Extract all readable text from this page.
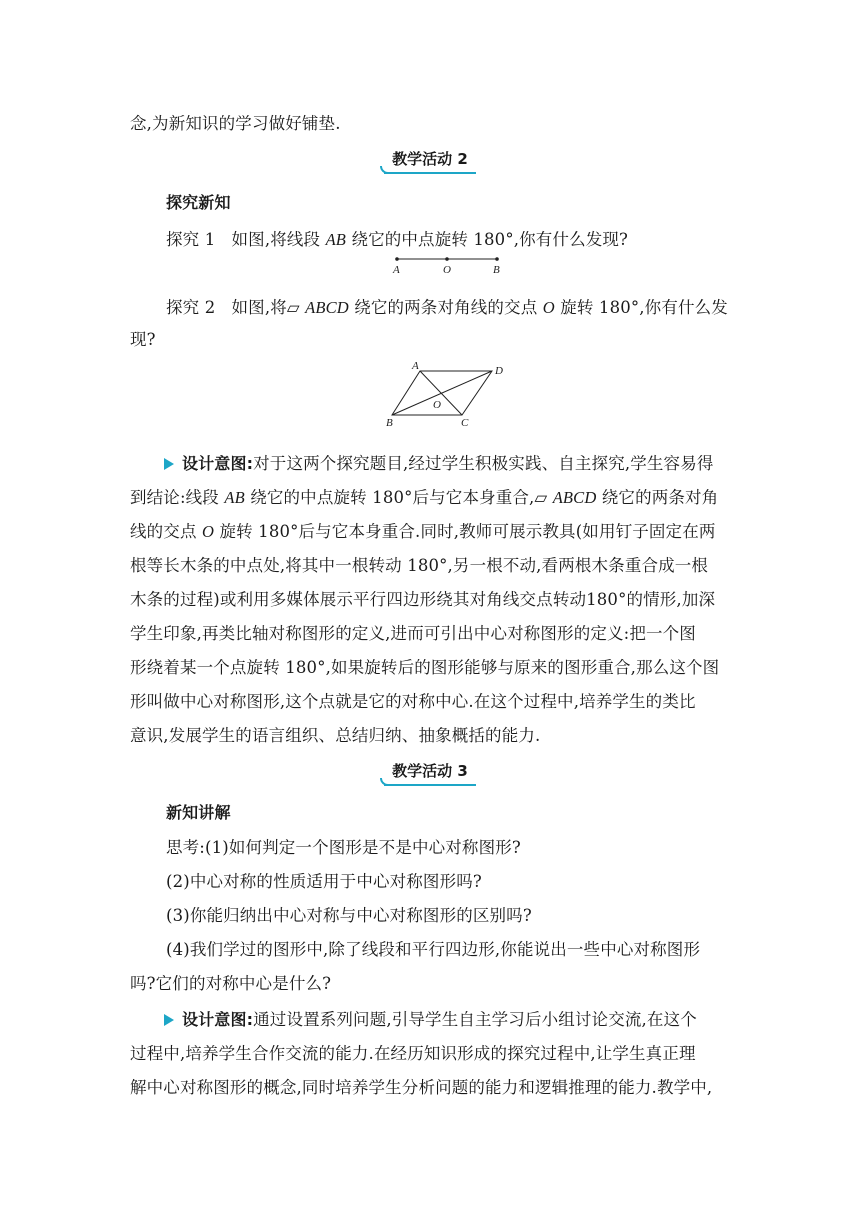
念,为新知识的学习做好铺垫.
教学活动 2
探究新知
探究 1 如图,将线段 AB 绕它的中点旋转 180°,你有什么发现?
A	O	B
探究 2 如图,将▱ ABCD 绕它的两条对角线的交点 O 旋转 180°,你有什么发
现?
A	D
O
B	C
设计意图:对于这两个探究题目,经过学生积极实践、自主探究,学生容易得
到结论:线段 AB 绕它的中点旋转 180°后与它本身重合,▱ ABCD 绕它的两条对角
线的交点 O 旋转 180°后与它本身重合.同时,教师可展示教具(如用钉子固定在两
根等长木条的中点处,将其中一根转动 180°,另一根不动,看两根木条重合成一根
木条的过程)或利用多媒体展示平行四边形绕其对角线交点转动180°的情形,加深
学生印象,再类比轴对称图形的定义,进而可引出中心对称图形的定义:把一个图
形绕着某一个点旋转 180°,如果旋转后的图形能够与原来的图形重合,那么这个图
形叫做中心对称图形,这个点就是它的对称中心.在这个过程中,培养学生的类比
意识,发展学生的语言组织、总结归纳、抽象概括的能力.
教学活动 3
新知讲解
思考:(1)如何判定一个图形是不是中心对称图形?
(2)中心对称的性质适用于中心对称图形吗?
(3)你能归纳出中心对称与中心对称图形的区别吗?
(4)我们学过的图形中,除了线段和平行四边形,你能说出一些中心对称图形
吗?它们的对称中心是什么?
设计意图:通过设置系列问题,引导学生自主学习后小组讨论交流,在这个
过程中,培养学生合作交流的能力.在经历知识形成的探究过程中,让学生真正理
解中心对称图形的概念,同时培养学生分析问题的能力和逻辑推理的能力.教学中,
